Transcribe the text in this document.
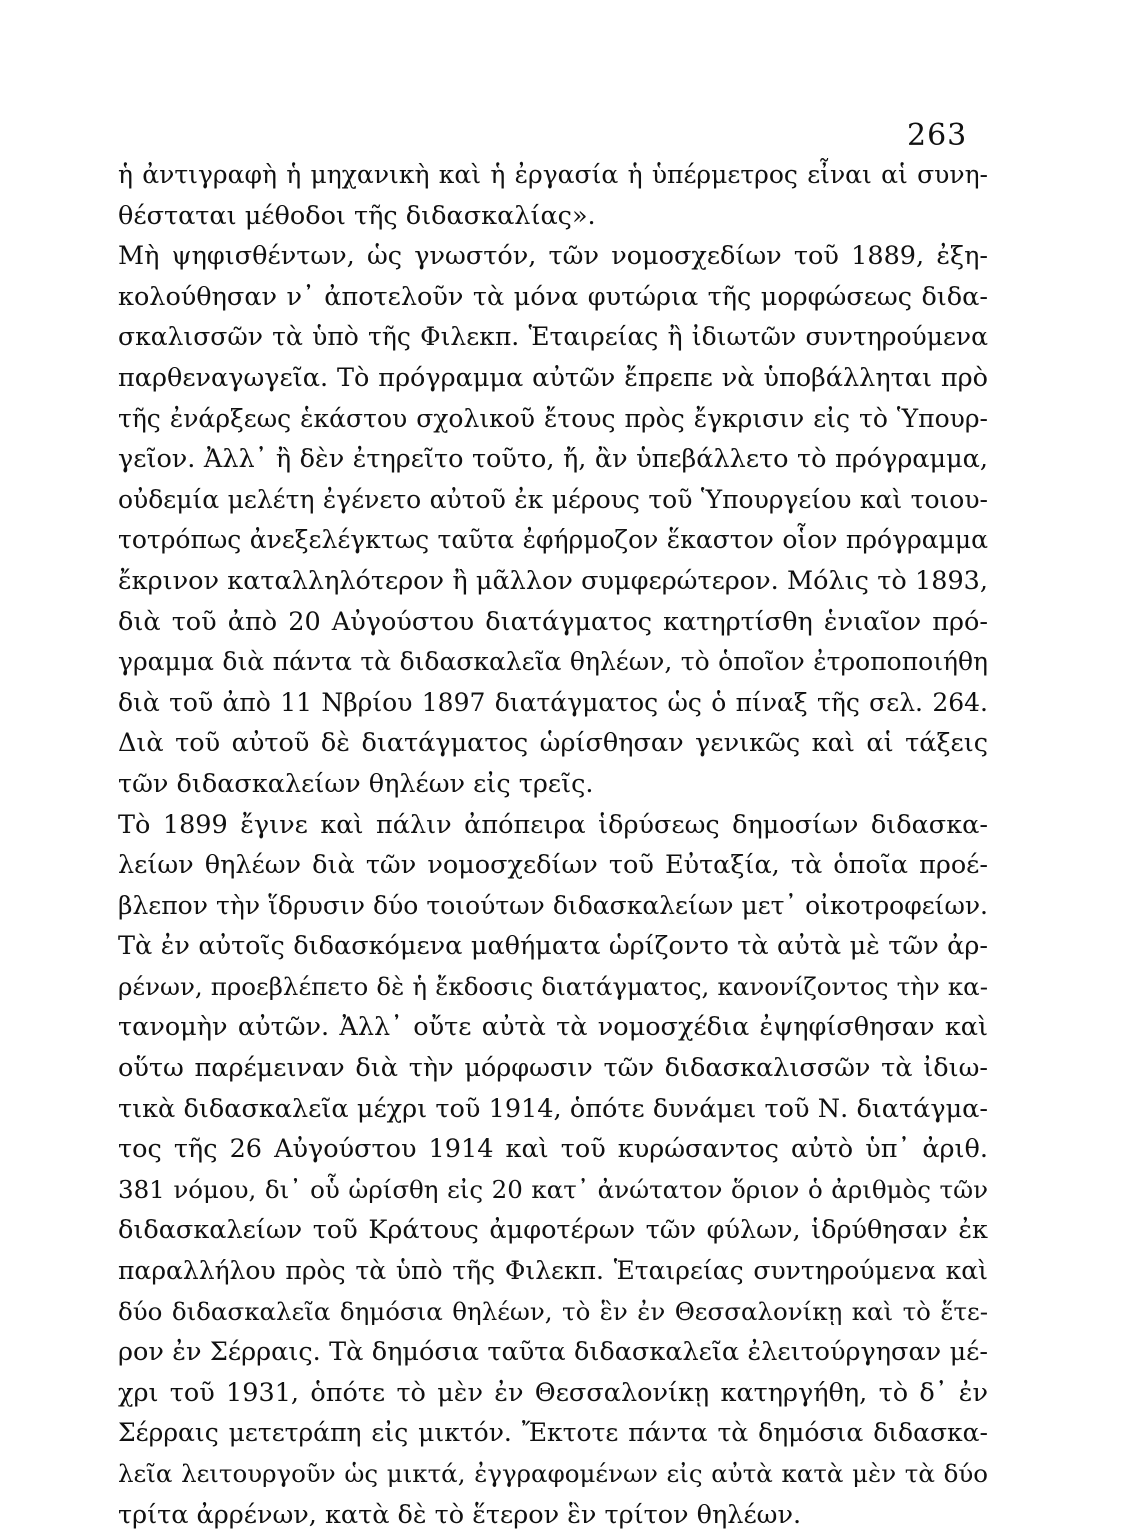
263
ἡ ἀντιγραφὴ ἡ μηχανικὴ καὶ ἡ ἐργασία ἡ ὑπέρμετρος εἶναι αἱ συνη-
θέσταται μέθοδοι τῆς διδασκαλίας».
Μὴ ψηφισθέντων, ὡς γνωστόν, τῶν νομοσχεδίων τοῦ 1889, ἐξη-
κολούθησαν ν᾽ ἀποτελοῦν τὰ μόνα φυτώρια τῆς μορφώσεως διδα-
σκαλισσῶν τὰ ὑπὸ τῆς Φιλεκπ. Ἑταιρείας ἢ ἰδιωτῶν συντηρούμενα
παρθεναγωγεῖα. Τὸ πρόγραμμα αὐτῶν ἔπρεπε νὰ ὑποβάλληται πρὸ
τῆς ἐνάρξεως ἑκάστου σχολικοῦ ἔτους πρὸς ἔγκρισιν εἰς τὸ Ὑπουρ-
γεῖον. Ἀλλ᾽ ἢ δὲν ἐτηρεῖτο τοῦτο, ἤ, ἂν ὑπεβάλλετο τὸ πρόγραμμα,
οὐδεμία μελέτη ἐγένετο αὐτοῦ ἐκ μέρους τοῦ Ὑπουργείου καὶ τοιου-
τοτρόπως ἀνεξελέγκτως ταῦτα ἐφήρμοζον ἕκαστον οἷον πρόγραμμα
ἔκρινον καταλληλότερον ἢ μᾶλλον συμφερώτερον. Μόλις τὸ 1893,
διὰ τοῦ ἀπὸ 20 Αὐγούστου διατάγματος κατηρτίσθη ἑνιαῖον πρό-
γραμμα διὰ πάντα τὰ διδασκαλεῖα θηλέων, τὸ ὁποῖον ἐτροποποιήθη
διὰ τοῦ ἀπὸ 11 Νβρίου 1897 διατάγματος ὡς ὁ πίναξ τῆς σελ. 264.
Διὰ τοῦ αὐτοῦ δὲ διατάγματος ὡρίσθησαν γενικῶς καὶ αἱ τάξεις
τῶν διδασκαλείων θηλέων εἰς τρεῖς.
Τὸ 1899 ἔγινε καὶ πάλιν ἀπόπειρα ἱδρύσεως δημοσίων διδασκα-
λείων θηλέων διὰ τῶν νομοσχεδίων τοῦ Εὐταξία, τὰ ὁποῖα προέ-
βλεπον τὴν ἵδρυσιν δύο τοιούτων διδασκαλείων μετ᾽ οἰκοτροφείων.
Τὰ ἐν αὐτοῖς διδασκόμενα μαθήματα ὡρίζοντο τὰ αὐτὰ μὲ τῶν ἀρ-
ρένων, προεβλέπετο δὲ ἡ ἔκδοσις διατάγματος, κανονίζοντος τὴν κα-
τανομὴν αὐτῶν. Ἀλλ᾽ οὔτε αὐτὰ τὰ νομοσχέδια ἐψηφίσθησαν καὶ
οὕτω παρέμειναν διὰ τὴν μόρφωσιν τῶν διδασκαλισσῶν τὰ ἰδιω-
τικὰ διδασκαλεῖα μέχρι τοῦ 1914, ὁπότε δυνάμει τοῦ Ν. διατάγμα-
τος τῆς 26 Αὐγούστου 1914 καὶ τοῦ κυρώσαντος αὐτὸ ὑπ᾽ ἀριθ.
381 νόμου, δι᾽ οὗ ὡρίσθη εἰς 20 κατ᾽ ἀνώτατον ὅριον ὁ ἀριθμὸς τῶν
διδασκαλείων τοῦ Κράτους ἀμφοτέρων τῶν φύλων, ἱδρύθησαν ἐκ
παραλλήλου πρὸς τὰ ὑπὸ τῆς Φιλεκπ. Ἑταιρείας συντηρούμενα καὶ
δύο διδασκαλεῖα δημόσια θηλέων, τὸ ἓν ἐν Θεσσαλονίκῃ καὶ τὸ ἕτε-
ρον ἐν Σέρραις. Τὰ δημόσια ταῦτα διδασκαλεῖα ἐλειτούργησαν μέ-
χρι τοῦ 1931, ὁπότε τὸ μὲν ἐν Θεσσαλονίκῃ κατηργήθη, τὸ δ᾽ ἐν
Σέρραις μετετράπη εἰς μικτόν. Ἔκτοτε πάντα τὰ δημόσια διδασκα-
λεῖα λειτουργοῦν ὡς μικτά, ἐγγραφομένων εἰς αὐτὰ κατὰ μὲν τὰ δύο
τρίτα ἀρρένων, κατὰ δὲ τὸ ἕτερον ἓν τρίτον θηλέων.
